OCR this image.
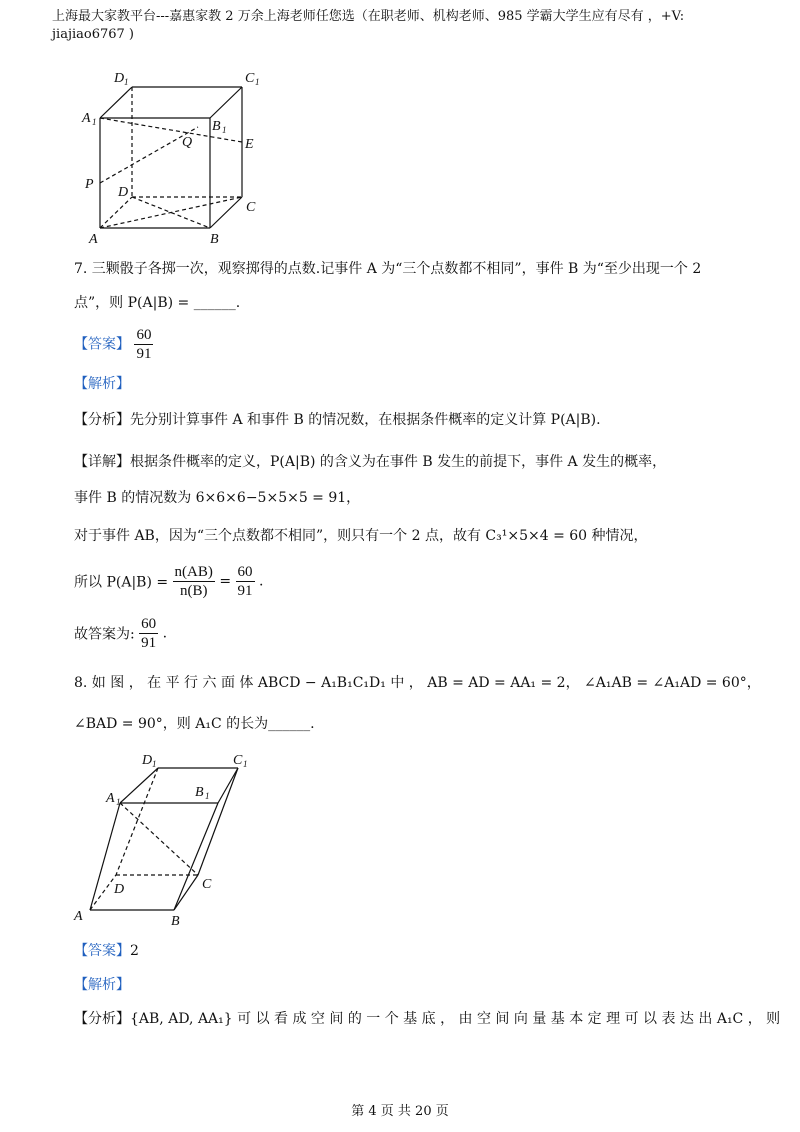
上海最大家教平台---嘉惠家教 2 万余上海老师任您选（在职老师、机构老师、985 学霸大学生应有尽有 ，+V:
jiajiao6767 )
D 1	C 1
A 1	B 1
Q	E
P
D
C
A	B
7. 三颗骰子各掷一次，观察掷得的点数.记事件 A 为“三个点数都不相同”，事件 B 为“至少出现一个 2
点”，则 P(A|B) = ______.
【答案】 $\frac{60}{91}$
【解析】
【分析】先分别计算事件 A 和事件 B 的情况数，在根据条件概率的定义计算 P(A|B).
【详解】根据条件概率的定义，P(A|B) 的含义为在事件 B 发生的前提下，事件 A 发生的概率，
事件 B 的情况数为 6×6×6−5×5×5 = 91，
对于事件 AB，因为“三个点数都不相同”，则只有一个 2 点，故有 C₃¹×5×4 = 60 种情况，
所以 $P(A|B) = \frac{n(AB)}{n(B)} = \frac{60}{91}$ .
故答案为: $\frac{60}{91}$ .
8. 如 图 ， 在 平 行 六 面 体 ABCD − A₁B₁C₁D₁ 中 ， AB = AD = AA₁ = 2， ∠A₁AB = ∠A₁AD = 60°，
∠BAD = 90°，则 A₁C 的长为______.
D 1	C 1
A 1
B 1
D	C
A	B
【答案】2
【解析】
【分析】{AB, AD, AA₁} 可 以 看 成 空 间 的 一 个 基 底 ， 由 空 间 向 量 基 本 定 理 可 以 表 达 出 A₁C ， 则
第 4 页 共 20 页
